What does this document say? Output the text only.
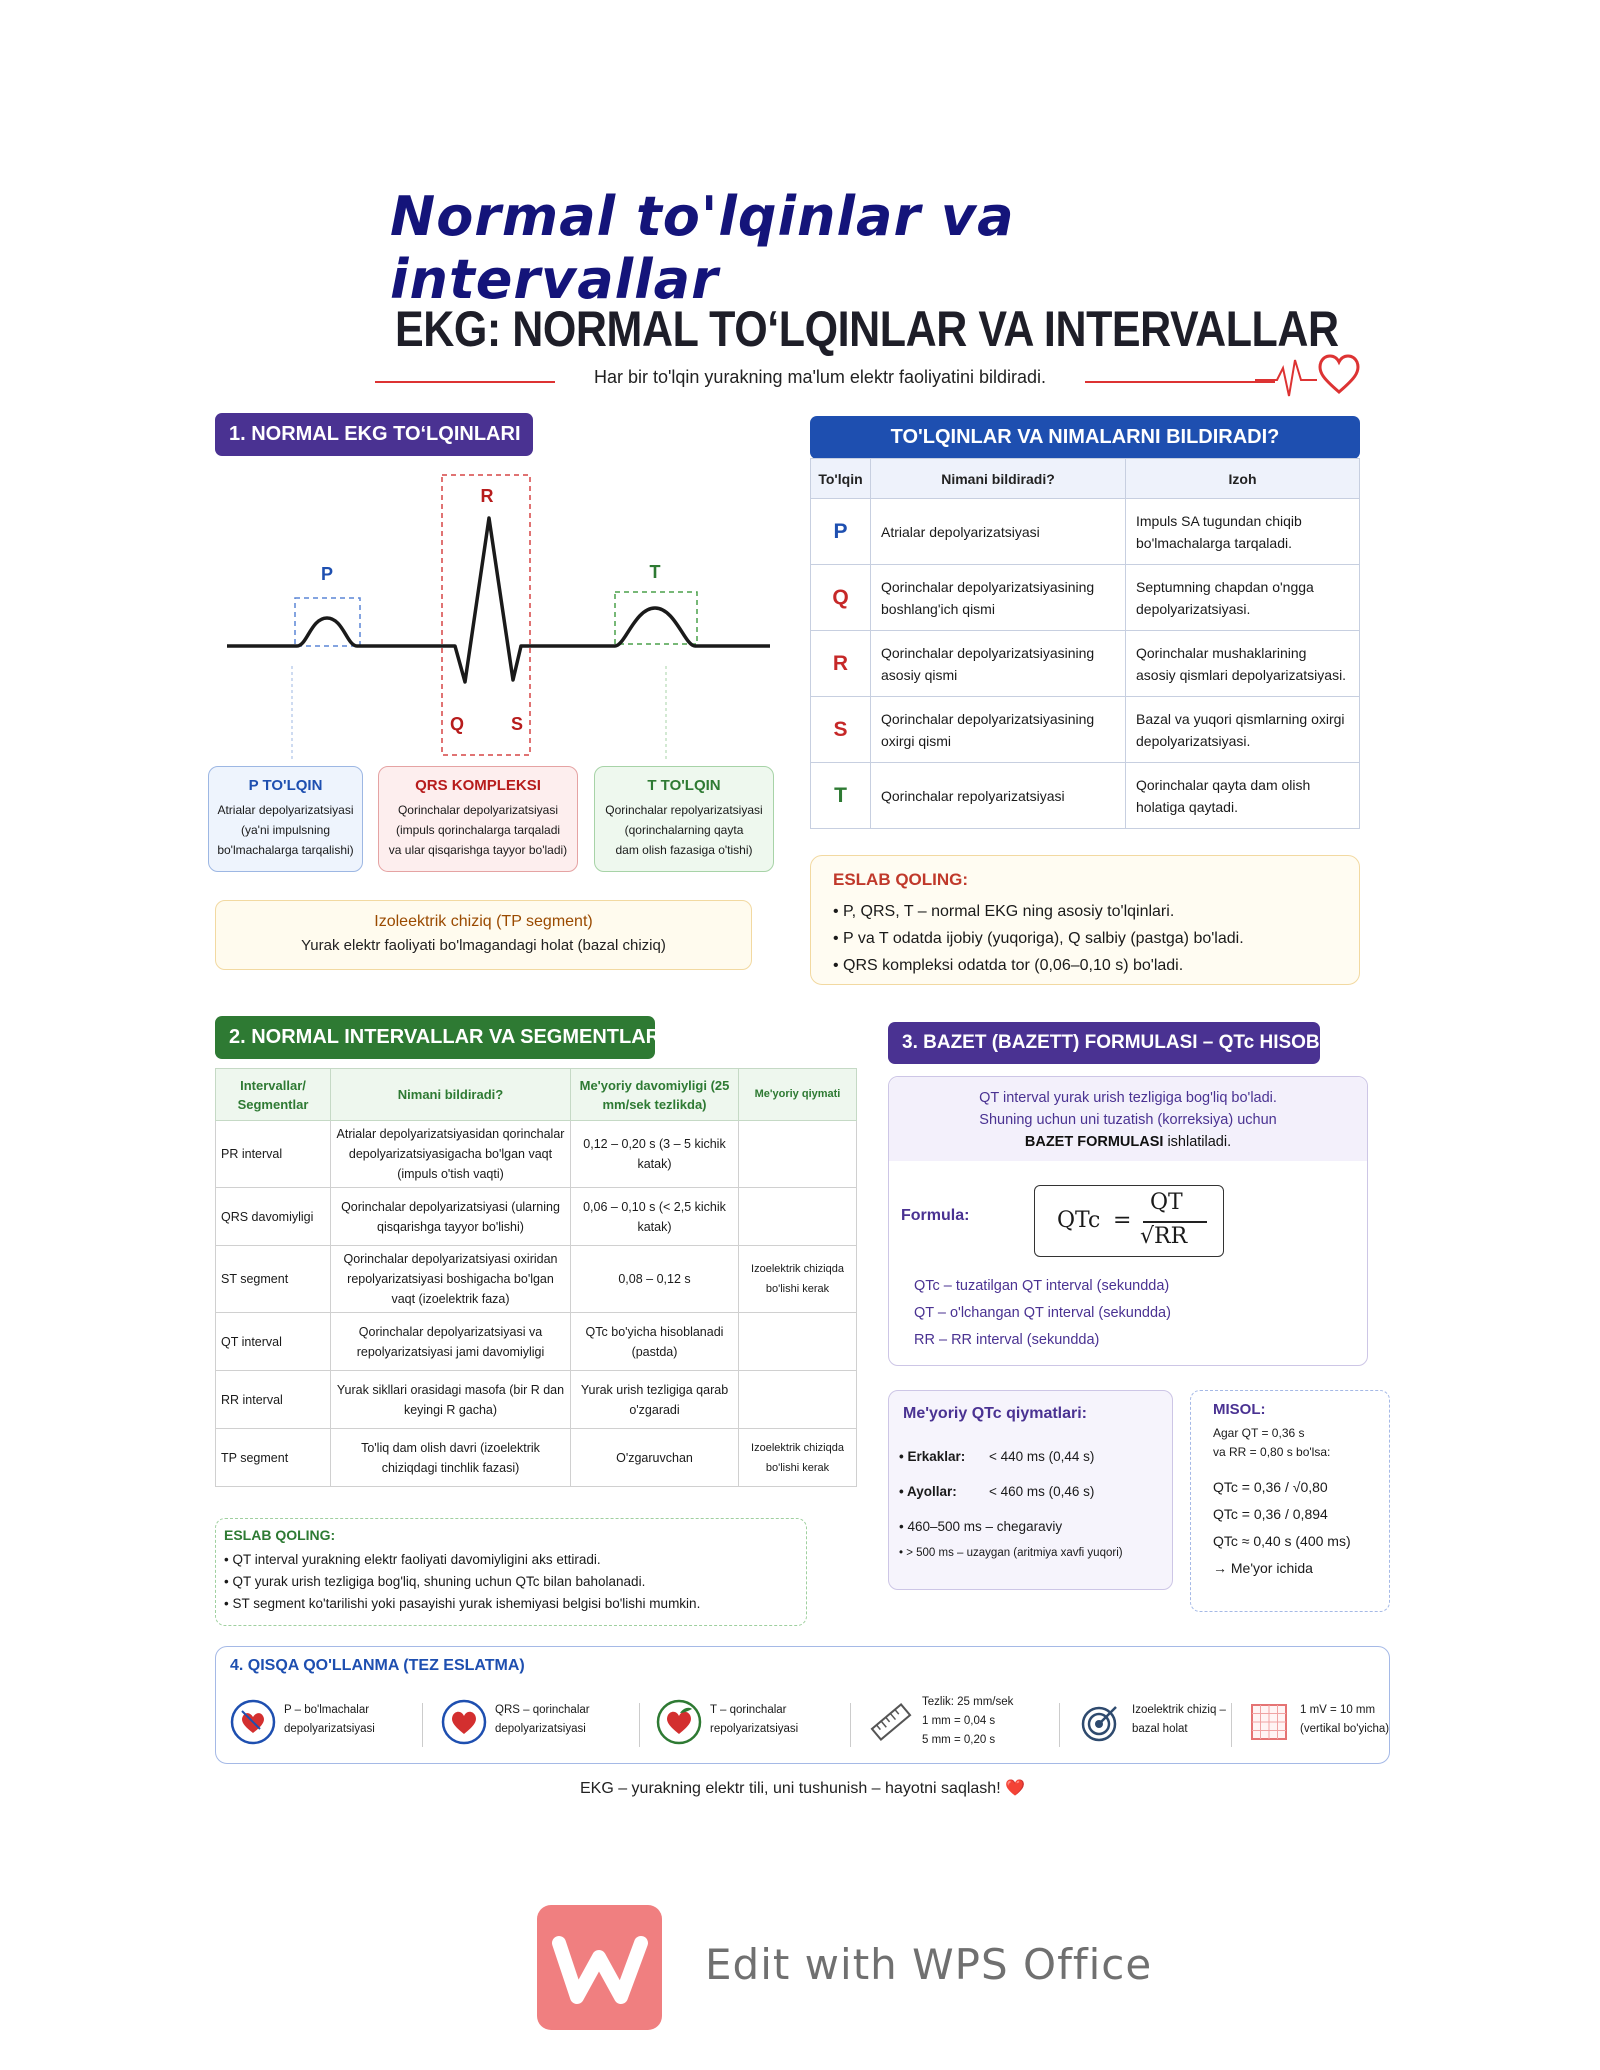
Normal to'lqinlar va intervallar
EKG: NORMAL TO‘LQINLAR VA INTERVALLAR
Har bir to'lqin yurakning ma'lum elektr faoliyatini bildiradi.
1. NORMAL EKG TO‘LQINLARI
P
R
Q	S
T
P TO'LQIN
Atrialar depolyarizatsiyasi
(ya'ni impulsning
bo'lmachalarga tarqalishi)
QRS KOMPLEKSI
Qorinchalar depolyarizatsiyasi
(impuls qorinchalarga tarqaladi
va ular qisqarishga tayyor bo'ladi)
T TO'LQIN
Qorinchalar repolyarizatsiyasi
(qorinchalarning qayta
dam olish fazasiga o'tishi)
Izoleektrik chiziq (TP segment)
Yurak elektr faoliyati bo'lmagandagi holat (bazal chiziq)
TO'LQINLAR VA NIMALARNI BILDIRADI?
To'lqin	Nimani bildiradi?	Izoh
P	Atrialar depolyarizatsiyasi	Impuls SA tugundan chiqib bo'lmachalarga tarqaladi.
Q	Qorinchalar depolyarizatsiyasining boshlang'ich qismi	Septumning chapdan o'ngga depolyarizatsiyasi.
R	Qorinchalar depolyarizatsiyasining asosiy qismi	Qorinchalar mushaklarining asosiy qismlari depolyarizatsiyasi.
S	Qorinchalar depolyarizatsiyasining oxirgi qismi	Bazal va yuqori qismlarning oxirgi depolyarizatsiyasi.
T	Qorinchalar repolyarizatsiyasi	Qorinchalar qayta dam olish holatiga qaytadi.
ESLAB QOLING:
• P, QRS, T – normal EKG ning asosiy to'lqinlari.
• P va T odatda ijobiy (yuqoriga), Q salbiy (pastga) bo'ladi.
• QRS kompleksi odatda tor (0,06–0,10 s) bo'ladi.
2. NORMAL INTERVALLAR VA SEGMENTLAR
Intervallar/ Segmentlar	Nimani bildiradi?	Me'yoriy davomiyligi (25 mm/sek tezlikda)	Me'yoriy qiymati
PR interval	Atrialar depolyarizatsiyasidan qorinchalar depolyarizatsiyasigacha bo'lgan vaqt (impuls o'tish vaqti)	0,12 – 0,20 s (3 – 5 kichik katak)	
QRS davomiyligi	Qorinchalar depolyarizatsiyasi (ularning qisqarishga tayyor bo'lishi)	0,06 – 0,10 s (< 2,5 kichik katak)	
ST segment	Qorinchalar depolyarizatsiyasi oxiridan repolyarizatsiyasi boshigacha bo'lgan vaqt (izoelektrik faza)	0,08 – 0,12 s	Izoelektrik chiziqda bo'lishi kerak
QT interval	Qorinchalar depolyarizatsiyasi va repolyarizatsiyasi jami davomiyligi	QTc bo'yicha hisoblanadi (pastda)	
RR interval	Yurak sikllari orasidagi masofa (bir R dan keyingi R gacha)	Yurak urish tezligiga qarab o'zgaradi	
TP segment	To'liq dam olish davri (izoelektrik chiziqdagi tinchlik fazasi)	O'zgaruvchan	Izoelektrik chiziqda bo'lishi kerak
ESLAB QOLING:
• QT interval yurakning elektr faoliyati davomiyligini aks ettiradi.
• QT yurak urish tezligiga bog'liq, shuning uchun QTc bilan baholanadi.
• ST segment ko'tarilishi yoki pasayishi yurak ishemiyasi belgisi bo'lishi mumkin.
3. BAZET (BAZETT) FORMULASI – QTc HISOBI
QT interval yurak urish tezligiga bog'liq bo'ladi.
Shuning uchun uni tuzatish (korreksiya) uchun
BAZET FORMULASI ishlatiladi.
Formula:	QTc =
QT
√RR
QTc – tuzatilgan QT interval (sekundda)
QT – o'lchangan QT interval (sekundda)
RR – RR interval (sekundda)
Me'yoriy QTc qiymatlari:
• Erkaklar: < 440 ms (0,44 s)
• Ayollar: < 460 ms (0,46 s)
• 460–500 ms – chegaraviy
• > 500 ms – uzaygan (aritmiya xavfi yuqori)
MISOL:
Agar QT = 0,36 s
va RR = 0,80 s bo'lsa:
QTc = 0,36 / √0,80
QTc = 0,36 / 0,894
QTc ≈ 0,40 s (400 ms)
→ Me'yor ichida
4. QISQA QO'LLANMA (TEZ ESLATMA)
P – bo'lmachalar
depolyarizatsiyasi
QRS – qorinchalar
depolyarizatsiyasi
T – qorinchalar
repolyarizatsiyasi
Tezlik: 25 mm/sek
1 mm = 0,04 s
5 mm = 0,20 s
Izoelektrik chiziq –
bazal holat
1 mV = 10 mm
(vertikal bo'yicha)
EKG – yurakning elektr tili, uni tushunish – hayotni saqlash! ❤️
Edit with WPS Office
